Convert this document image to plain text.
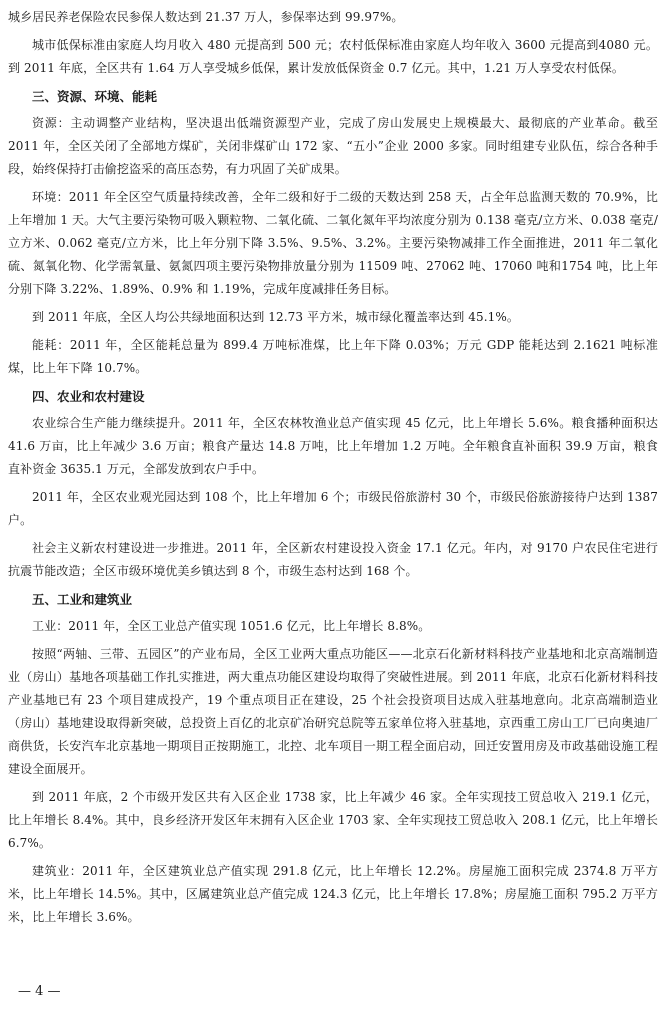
城乡居民养老保险农民参保人数达到 21.37 万人，参保率达到 99.97%。

城市低保标准由家庭人均月收入 480 元提高到 500 元；农村低保标准由家庭人均年收入 3600 元提高到4080 元。到 2011 年底，全区共有 1.64 万人享受城乡低保，累计发放低保资金 0.7 亿元。其中，1.21 万人享受农村低保。

三、资源、环境、能耗

资源：主动调整产业结构，坚决退出低端资源型产业，完成了房山发展史上规模最大、最彻底的产业革命。截至 2011 年，全区关闭了全部地方煤矿，关闭非煤矿山 172 家、“五小”企业 2000 多家。同时组建专业队伍，综合各种手段，始终保持打击偷挖盗采的高压态势，有力巩固了关矿成果。

环境：2011 年全区空气质量持续改善，全年二级和好于二级的天数达到 258 天，占全年总监测天数的 70.9%，比上年增加 1 天。大气主要污染物可吸入颗粒物、二氧化硫、二氧化氮年平均浓度分别为 0.138 毫克/立方米、0.038 毫克/立方米、0.062 毫克/立方米，比上年分别下降 3.5%、9.5%、3.2%。主要污染物减排工作全面推进，2011 年二氧化硫、氮氧化物、化学需氧量、氨氮四项主要污染物排放量分别为 11509 吨、27062 吨、17060 吨和1754 吨，比上年分别下降 3.22%、1.89%、0.9% 和 1.19%，完成年度减排任务目标。

到 2011 年底，全区人均公共绿地面积达到 12.73 平方米，城市绿化覆盖率达到 45.1%。

能耗：2011 年，全区能耗总量为 899.4 万吨标准煤，比上年下降 0.03%；万元 GDP 能耗达到 2.1621 吨标准煤，比上年下降 10.7%。

四、农业和农村建设

农业综合生产能力继续提升。2011 年，全区农林牧渔业总产值实现 45 亿元，比上年增长 5.6%。粮食播种面积达 41.6 万亩，比上年减少 3.6 万亩；粮食产量达 14.8 万吨，比上年增加 1.2 万吨。全年粮食直补面积 39.9 万亩，粮食直补资金 3635.1 万元，全部发放到农户手中。

2011 年，全区农业观光园达到 108 个，比上年增加 6 个；市级民俗旅游村 30 个，市级民俗旅游接待户达到 1387 户。

社会主义新农村建设进一步推进。2011 年，全区新农村建设投入资金 17.1 亿元。年内，对 9170 户农民住宅进行抗震节能改造；全区市级环境优美乡镇达到 8 个，市级生态村达到 168 个。

五、工业和建筑业

工业：2011 年，全区工业总产值实现 1051.6 亿元，比上年增长 8.8%。

按照“两轴、三带、五园区”的产业布局，全区工业两大重点功能区——北京石化新材料科技产业基地和北京高端制造业（房山）基地各项基础工作扎实推进，两大重点功能区建设均取得了突破性进展。到 2011 年底，北京石化新材料科技产业基地已有 23 个项目建成投产，19 个重点项目正在建设，25 个社会投资项目达成入驻基地意向。北京高端制造业（房山）基地建设取得新突破，总投资上百亿的北京矿冶研究总院等五家单位将入驻基地，京西重工房山工厂已向奥迪厂商供货，长安汽车北京基地一期项目正按期施工，北控、北车项目一期工程全面启动，回迁安置用房及市政基础设施工程建设全面展开。

到 2011 年底，2 个市级开发区共有入区企业 1738 家，比上年减少 46 家。全年实现技工贸总收入 219.1 亿元，比上年增长 8.4%。其中，良乡经济开发区年末拥有入区企业 1703 家、全年实现技工贸总收入 208.1 亿元，比上年增长 6.7%。

建筑业：2011 年，全区建筑业总产值实现 291.8 亿元，比上年增长 12.2%。房屋施工面积完成 2374.8 万平方米，比上年增长 14.5%。其中，区属建筑业总产值完成 124.3 亿元，比上年增长 17.8%；房屋施工面积 795.2 万平方米，比上年增长 3.6%。

— 4 —
